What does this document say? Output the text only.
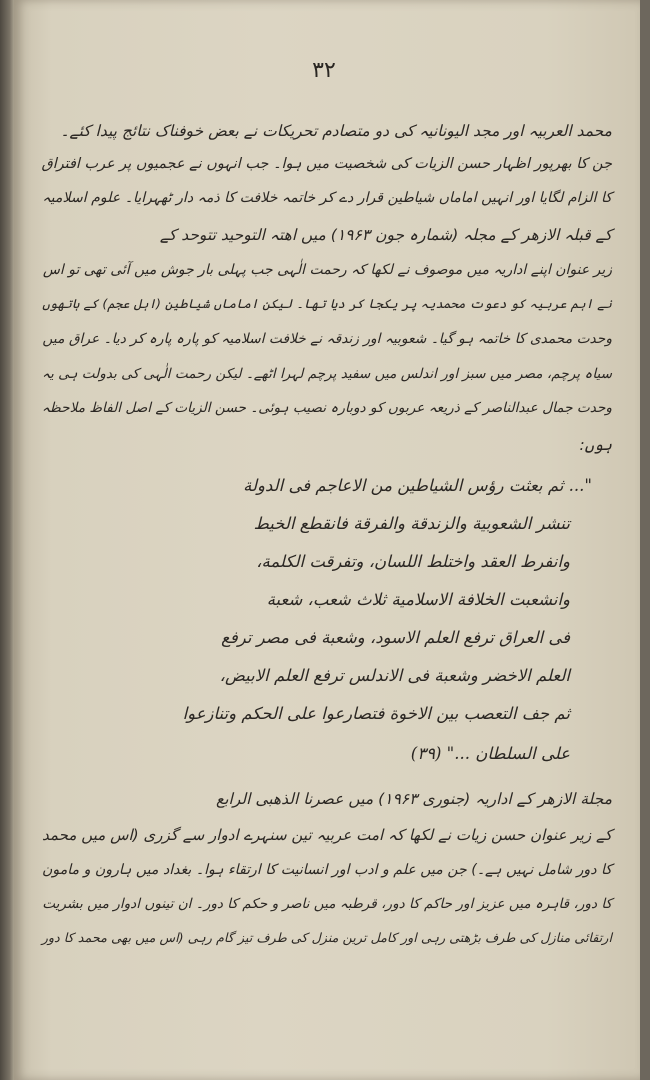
۳۲
محمد العربیہ اور مجد الیونانیہ کی دو متصادم تحریکات نے بعض خوفناک نتائج پیدا کئے۔
جن کا بھرپور اظہار حسن الزیات کی شخصیت میں ہوا۔ جب انہوں نے عجمیوں پر عرب افتراق
کا الزام لگایا اور انہیں اماماں شیاطین قرار دے کر خاتمہ خلافت کا ذمہ دار ٹھہرایا۔ علوم اسلامیہ
کے قبلہ الازھر کے مجلہ (شمارہ جون ۱۹۶۳) میں اھتہ التوحید تتوحد کے
زیر عنوان اپنے اداریہ میں موصوف نے لکھا کہ رحمت الٰہی جب پہلی بار جوش میں آئی تھی تو اس
نے اہم عربیہ کو دعوت محمدیہ پر یکجا کر دیا تھا۔ لیکن اماماں شیاطین (اہل عجم) کے ہاتھوں
وحدت محمدی کا خاتمہ ہو گیا۔ شعوبیہ اور زندقہ نے خلافت اسلامیہ کو پارہ پارہ کر دیا۔ عراق میں
سیاہ پرچم، مصر میں سبز اور اندلس میں سفید پرچم لہرا اٹھے۔ لیکن رحمت الٰہی کی بدولت ہی یہ
وحدت جمال عبدالناصر کے ذریعہ عربوں کو دوبارہ نصیب ہوئی۔ حسن الزیات کے اصل الفاظ ملاحظہ
ہوں:
"... ثم بعثت رؤس الشیاطین من الاعاجم فی الدولة
تنشر الشعوبیة والزندقة والفرقة فانقطع الخیط
وانفرط العقد واختلط اللسان، وتفرقت الکلمة،
وانشعبت الخلافة الاسلامیة ثلاث شعب، شعبة
فی العراق ترفع العلم الاسود، وشعبة فی مصر ترفع
العلم الاخضر وشعبة فی الاندلس ترفع العلم الابیض،
ثم جف التعصب بین الاخوة فتصارعوا علی الحکم وتنازعوا
علی السلطان ..." (۳۹)
مجلة الازھر کے اداریہ (جنوری ۱۹۶۳) میں عصرنا الذھبی الرابع
کے زیر عنوان حسن زیات نے لکھا کہ امت عربیہ تین سنہرے ادوار سے گزری (اس میں محمد
کا دور شامل نہیں ہے۔) جن میں علم و ادب اور انسانیت کا ارتقاء ہوا۔ بغداد میں ہارون و مامون
کا دور، قاہرہ میں عزیز اور حاکم کا دور، قرطبہ میں ناصر و حکم کا دور۔ ان تینوں ادوار میں بشریت
ارتقائی منازل کی طرف بڑھتی رہی اور کامل ترین منزل کی طرف تیز گام رہی (اس میں بھی محمد کا دور
